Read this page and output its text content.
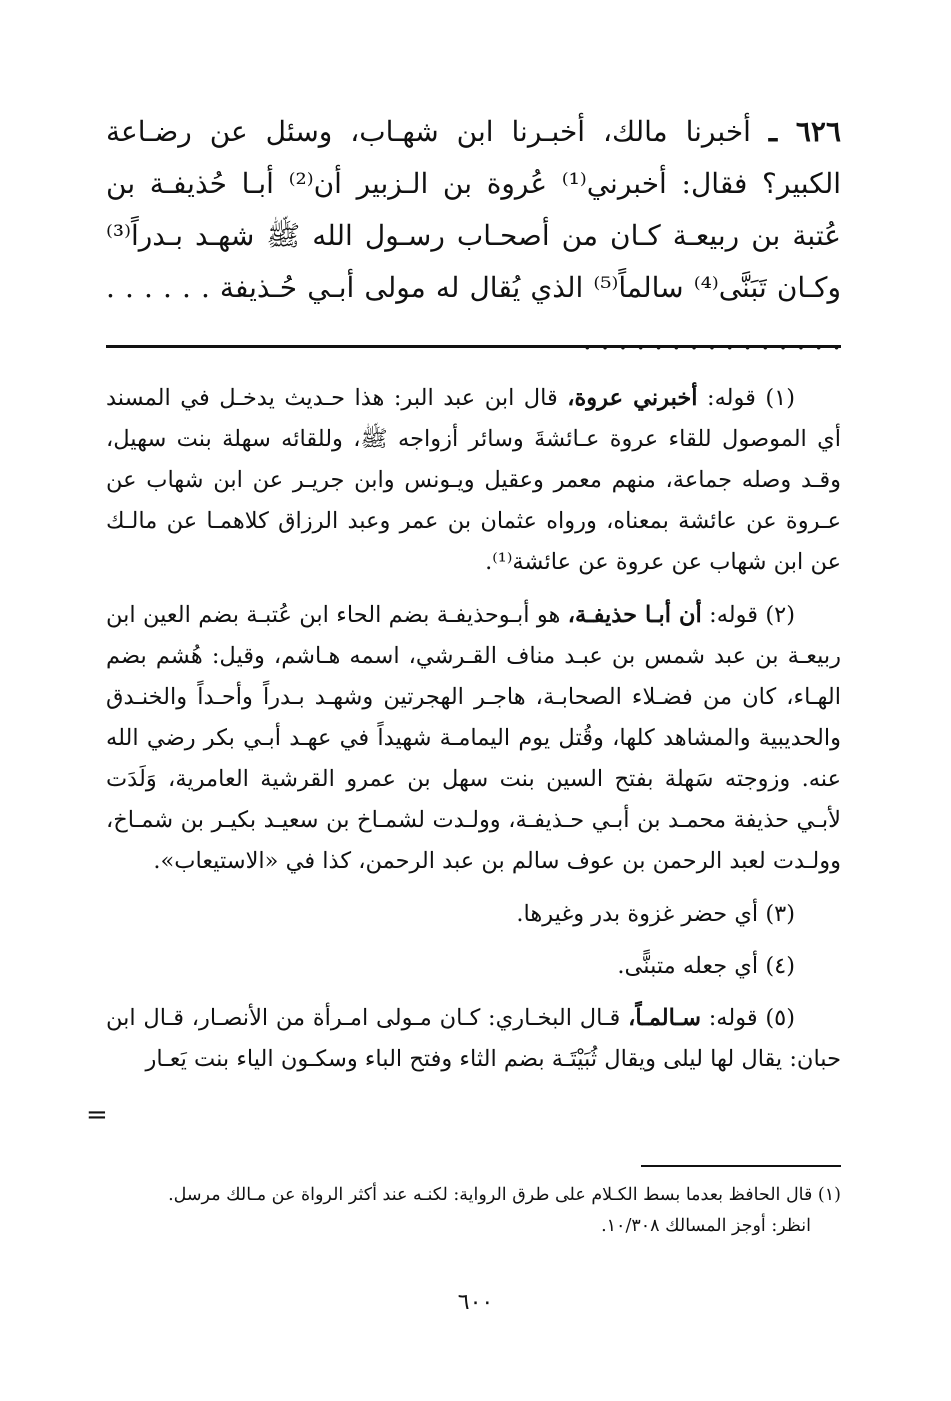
٦٢٦ ـ أخبرنا مالك، أخبـرنا ابن شهـاب، وسئل عن رضـاعة الكبير؟ فقال: أخبرني⁽¹⁾ عُروة بن الـزبير أن⁽²⁾ أبـا حُذيفـة بن عُتبة بن ربيعـة كـان من أصحـاب رسـول الله ﷺ شهـد بـدراً⁽³⁾ وكـان تَبَنَّى⁽⁴⁾ سالماً⁽⁵⁾ الذي يُقال له مولى أبـي حُـذيفة . . . . . . . . . . . . . . . . . . . . .

(١) قوله: أخبرني عروة، قال ابن عبد البر: هذا حـديث يدخـل في المسند أي الموصول للقاء عروة عـائشةَ وسائر أزواجه ﷺ، وللقائه سهلة بنت سهيل، وقـد وصله جماعة، منهم معمر وعقيل ويـونس وابن جريـر عن ابن شهاب عن عـروة عن عائشة بمعناه، ورواه عثمان بن عمر وعبد الرزاق كلاهمـا عن مالـك عن ابن شهاب عن عروة عن عائشة⁽¹⁾.

(٢) قوله: أن أبـا حذيفـة، هو أبـوحذيفـة بضم الحاء ابن عُتبـة بضم العين ابن ربيعـة بن عبد شمس بن عبـد مناف القـرشي، اسمه هـاشم، وقيل: هُشم بضم الهـاء، كان من فضـلاء الصحابـة، هاجـر الهجرتين وشهـد بـدراً وأحـداً والخنـدق والحديبية والمشاهد كلها، وقُتل يوم اليمامـة شهيداً في عهـد أبـي بكر رضي الله عنه. وزوجته سَهلة بفتح السين بنت سهل بن عمرو القرشية العامرية، وَلَدَت لأبـي حذيفة محمـد بن أبـي حـذيفـة، وولـدت لشمـاخ بن سعيـد بكيـر بن شمـاخ، وولـدت لعبد الرحمن بن عوف سالم بن عبد الرحمن، كذا في «الاستيعاب».

(٣) أي حضر غزوة بدر وغيرها.

(٤) أي جعله متبنًّى.

(٥) قوله: سـالمـاً، قـال البخـاري: كـان مـولى امـرأة من الأنصـار، قـال ابن حبان: يقال لها ليلى ويقال ثُبَيْتَـة بضم الثاء وفتح الباء وسكـون الياء بنت يَعـار

=
(١) قال الحافظ بعدما بسط الكـلام على طرق الرواية: لكنـه عند أكثر الرواة عن مـالك مرسل.
انظر: أوجز المسالك ١٠/٣٠٨.
٦٠٠
